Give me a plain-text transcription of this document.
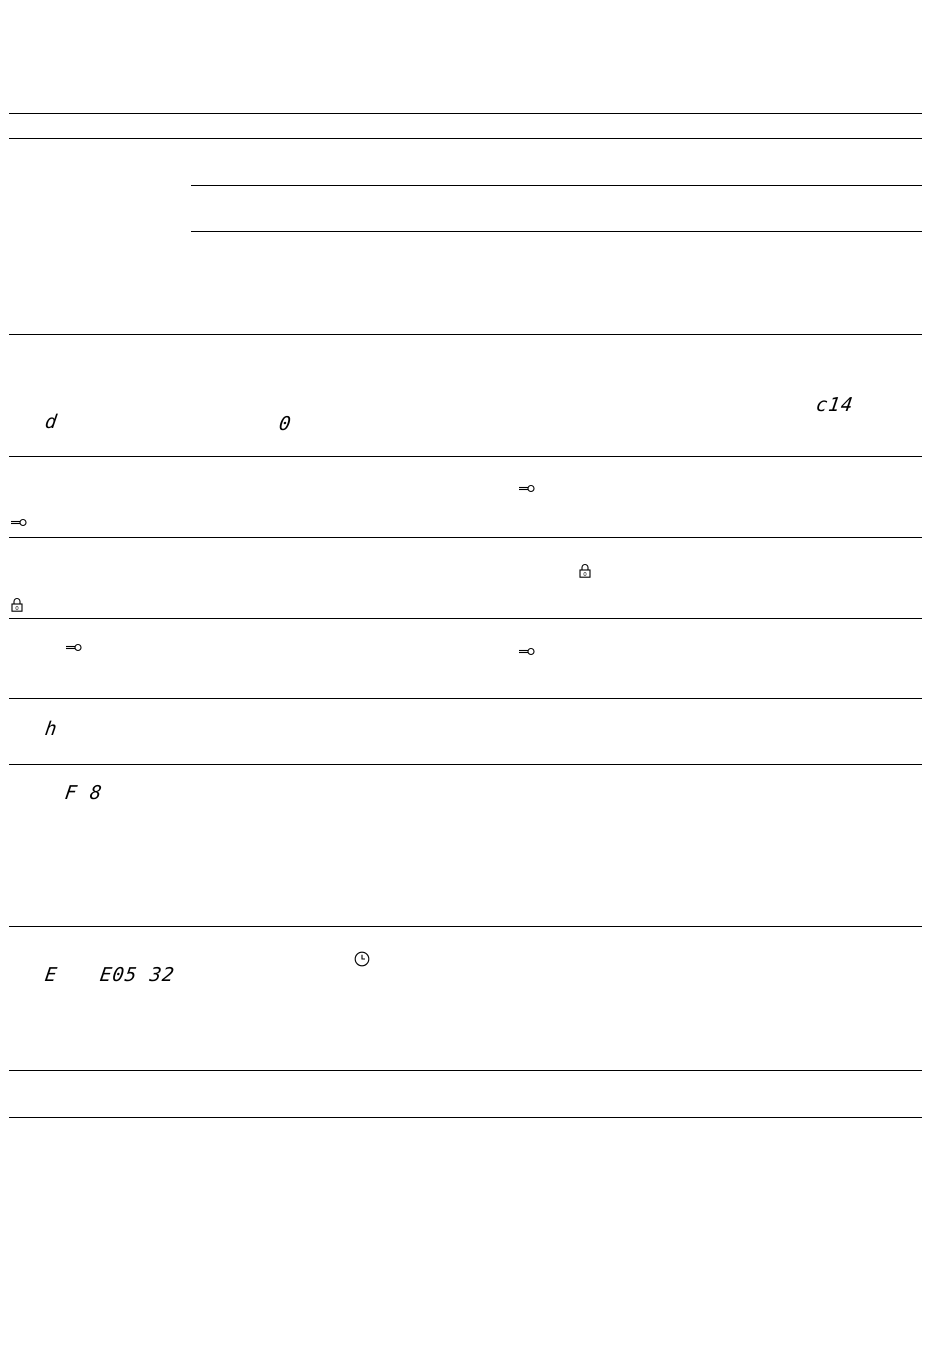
d	0
c14
0
0
h
F 8
E E05 32
